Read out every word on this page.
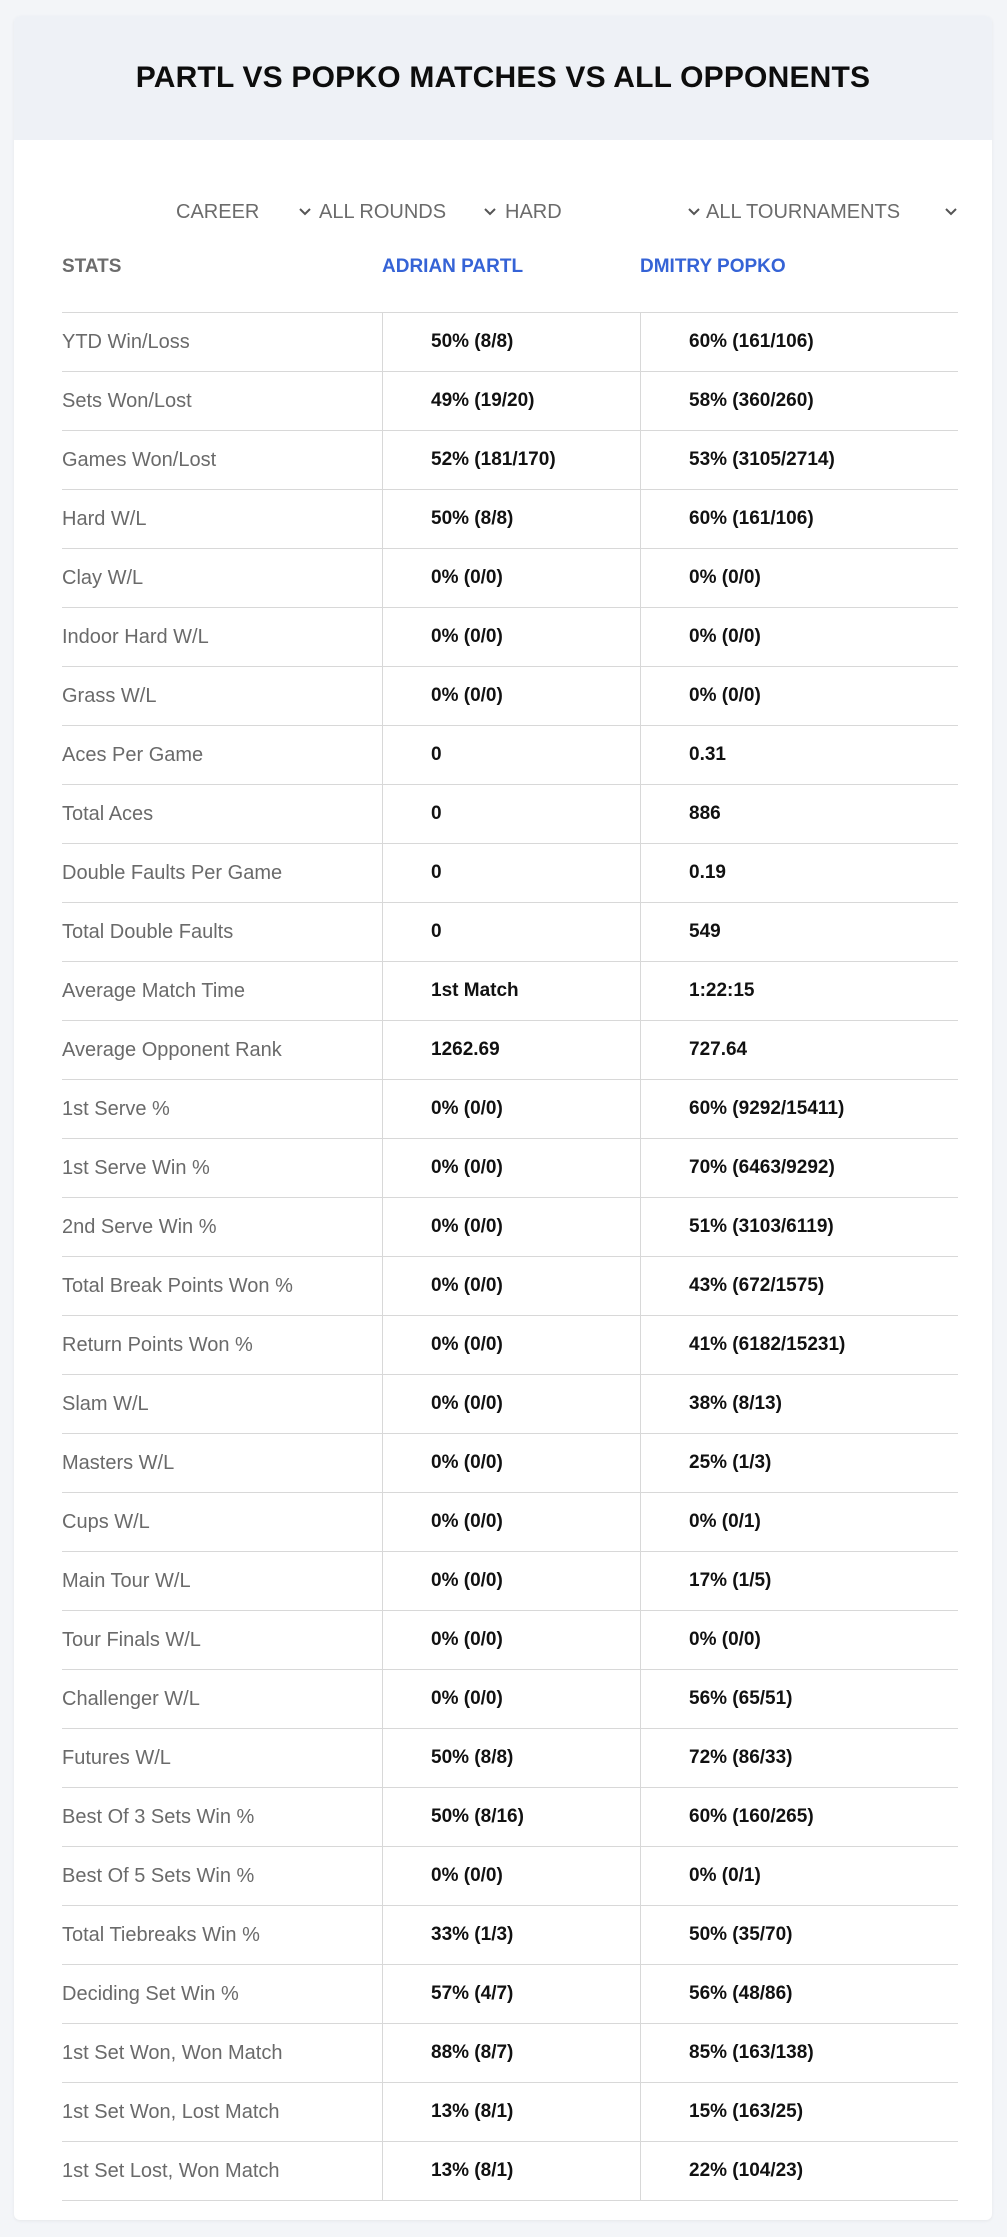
PARTL VS POPKO MATCHES VS ALL OPPONENTS
CAREER	ALL ROUNDS	HARD	ALL TOURNAMENTS
STATS	ADRIAN PARTL	DMITRY POPKO
YTD Win/Loss	50% (8/8)	60% (161/106)
Sets Won/Lost	49% (19/20)	58% (360/260)
Games Won/Lost	52% (181/170)	53% (3105/2714)
Hard W/L	50% (8/8)	60% (161/106)
Clay W/L	0% (0/0)	0% (0/0)
Indoor Hard W/L	0% (0/0)	0% (0/0)
Grass W/L	0% (0/0)	0% (0/0)
Aces Per Game	0	0.31
Total Aces	0	886
Double Faults Per Game	0	0.19
Total Double Faults	0	549
Average Match Time	1st Match	1:22:15
Average Opponent Rank	1262.69	727.64
1st Serve %	0% (0/0)	60% (9292/15411)
1st Serve Win %	0% (0/0)	70% (6463/9292)
2nd Serve Win %	0% (0/0)	51% (3103/6119)
Total Break Points Won %	0% (0/0)	43% (672/1575)
Return Points Won %	0% (0/0)	41% (6182/15231)
Slam W/L	0% (0/0)	38% (8/13)
Masters W/L	0% (0/0)	25% (1/3)
Cups W/L	0% (0/0)	0% (0/1)
Main Tour W/L	0% (0/0)	17% (1/5)
Tour Finals W/L	0% (0/0)	0% (0/0)
Challenger W/L	0% (0/0)	56% (65/51)
Futures W/L	50% (8/8)	72% (86/33)
Best Of 3 Sets Win %	50% (8/16)	60% (160/265)
Best Of 5 Sets Win %	0% (0/0)	0% (0/1)
Total Tiebreaks Win %	33% (1/3)	50% (35/70)
Deciding Set Win %	57% (4/7)	56% (48/86)
1st Set Won, Won Match	88% (8/7)	85% (163/138)
1st Set Won, Lost Match	13% (8/1)	15% (163/25)
1st Set Lost, Won Match	13% (8/1)	22% (104/23)
